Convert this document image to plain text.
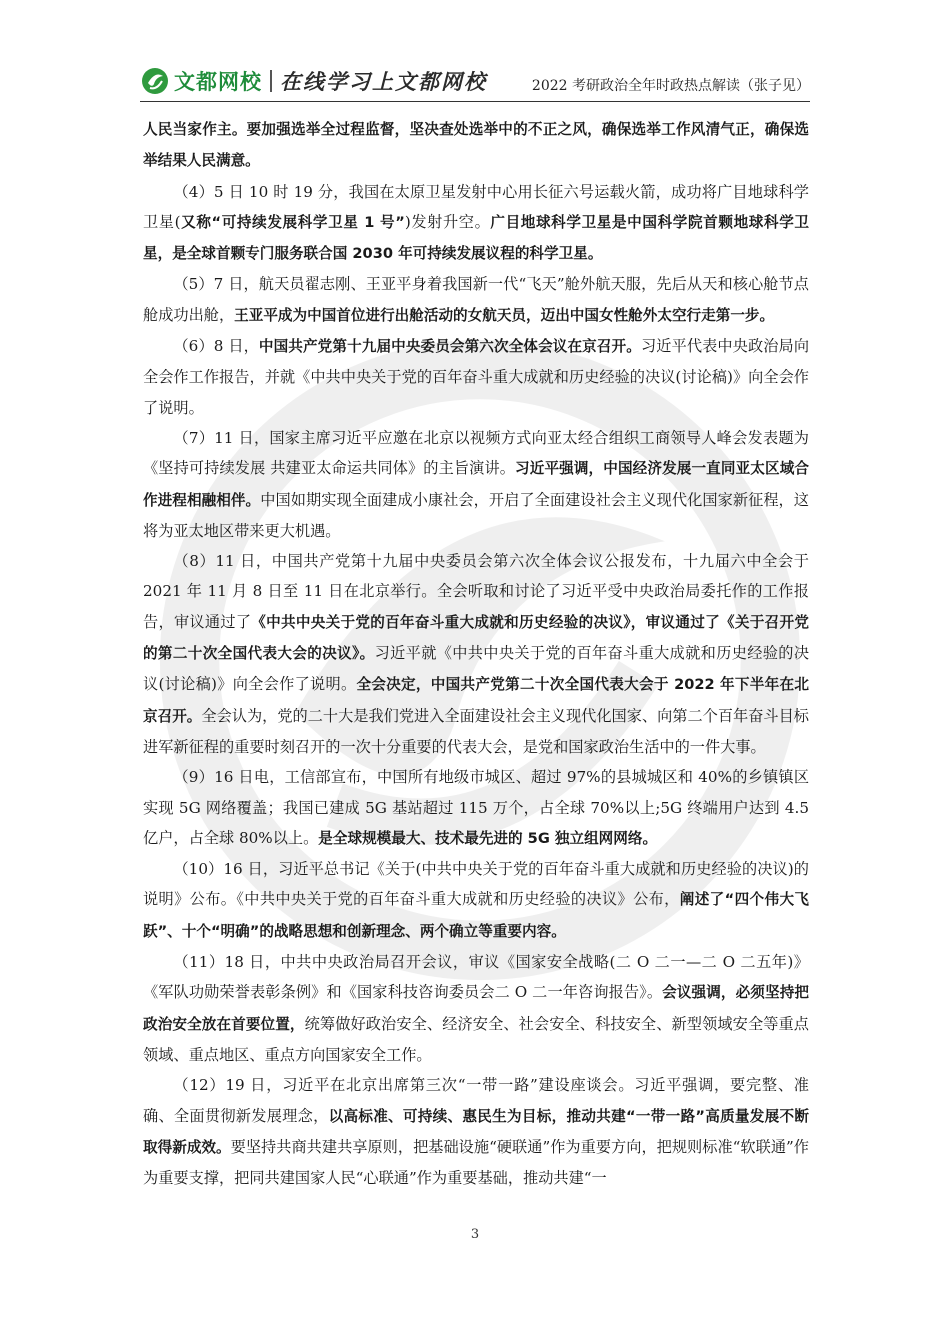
文都网校 在线学习上文都网校	2022 考研政治全年时政热点解读（张子见）

人民当家作主。要加强选举全过程监督，坚决查处选举中的不正之风，确保选举工作风清气正，确保选举结果人民满意。

（4）5 日 10 时 19 分，我国在太原卫星发射中心用长征六号运载火箭，成功将广目地球科学卫星(又称“可持续发展科学卫星 1 号”)发射升空。广目地球科学卫星是中国科学院首颗地球科学卫星，是全球首颗专门服务联合国 2030 年可持续发展议程的科学卫星。

（5）7 日，航天员翟志刚、王亚平身着我国新一代“飞天”舱外航天服，先后从天和核心舱节点舱成功出舱，王亚平成为中国首位进行出舱活动的女航天员，迈出中国女性舱外太空行走第一步。

（6）8 日，中国共产党第十九届中央委员会第六次全体会议在京召开。习近平代表中央政治局向全会作工作报告，并就《中共中央关于党的百年奋斗重大成就和历史经验的决议(讨论稿)》向全会作了说明。

（7）11 日，国家主席习近平应邀在北京以视频方式向亚太经合组织工商领导人峰会发表题为《坚持可持续发展 共建亚太命运共同体》的主旨演讲。习近平强调，中国经济发展一直同亚太区域合作进程相融相伴。中国如期实现全面建成小康社会，开启了全面建设社会主义现代化国家新征程，这将为亚太地区带来更大机遇。

（8）11 日，中国共产党第十九届中央委员会第六次全体会议公报发布，十九届六中全会于 2021 年 11 月 8 日至 11 日在北京举行。全会听取和讨论了习近平受中央政治局委托作的工作报告，审议通过了《中共中央关于党的百年奋斗重大成就和历史经验的决议》，审议通过了《关于召开党的第二十次全国代表大会的决议》。习近平就《中共中央关于党的百年奋斗重大成就和历史经验的决议(讨论稿)》向全会作了说明。全会决定，中国共产党第二十次全国代表大会于 2022 年下半年在北京召开。全会认为，党的二十大是我们党进入全面建设社会主义现代化国家、向第二个百年奋斗目标进军新征程的重要时刻召开的一次十分重要的代表大会，是党和国家政治生活中的一件大事。

（9）16 日电，工信部宣布，中国所有地级市城区、超过 97%的县城城区和 40%的乡镇镇区实现 5G 网络覆盖；我国已建成 5G 基站超过 115 万个，占全球 70%以上;5G 终端用户达到 4.5 亿户，占全球 80%以上。是全球规模最大、技术最先进的 5G 独立组网网络。

（10）16 日，习近平总书记《关于(中共中央关于党的百年奋斗重大成就和历史经验的决议)的说明》公布。《中共中央关于党的百年奋斗重大成就和历史经验的决议》公布，阐述了“四个伟大飞跃”、十个“明确”的战略思想和创新理念、两个确立等重要内容。

（11）18 日，中共中央政治局召开会议，审议《国家安全战略(二 O 二一—二 O 二五年)》《军队功勋荣誉表彰条例》和《国家科技咨询委员会二 O 二一年咨询报告》。会议强调，必须坚持把政治安全放在首要位置，统筹做好政治安全、经济安全、社会安全、科技安全、新型领域安全等重点领域、重点地区、重点方向国家安全工作。

（12）19 日，习近平在北京出席第三次“一带一路”建设座谈会。习近平强调，要完整、准确、全面贯彻新发展理念，以高标准、可持续、惠民生为目标，推动共建“一带一路”高质量发展不断取得新成效。要坚持共商共建共享原则，把基础设施“硬联通”作为重要方向，把规则标准“软联通”作为重要支撑，把同共建国家人民“心联通”作为重要基础，推动共建“一

3
